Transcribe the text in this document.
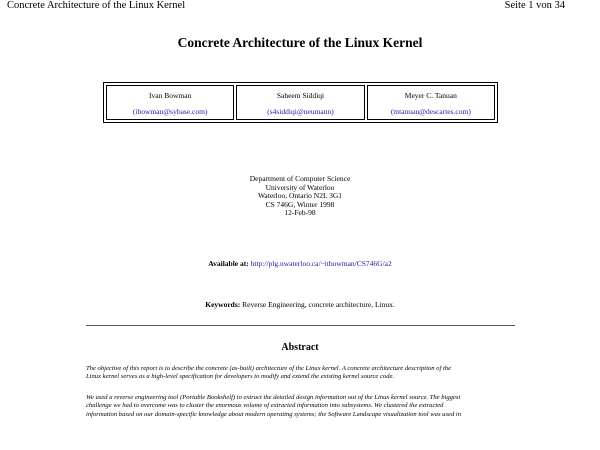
Concrete Architecture of the Linux Kernel	Seite 1 von 34
Concrete Architecture of the Linux Kernel
Ivan Bowman
(ibowman@sybase.com)
Saheem Siddiqi
(s4siddiqi@neumann)
Meyer C. Tanuan
(mtanuan@descartes.com)
Department of Computer Science
University of Waterloo
Waterloo, Ontario N2L 3G1
CS 746G, Winter 1998
12-Feb-98
Available at: http://plg.uwaterloo.ca/~itbowman/CS746G/a2
Keywords: Reverse Engineering, concrete architecture, Linux.
Abstract

The objective of this report is to describe the concrete (as-built) architecture of the Linux kernel. A concrete architecture description of the
Linux kernel serves as a high-level specification for developers to modify and extend the existing kernel source code.

We used a reverse engineering tool (Portable Bookshelf) to extract the detailed design information out of the Linux kernel source. The biggest
challenge we had to overcome was to cluster the enormous volume of extracted information into subsystems. We clustered the extracted
information based on our domain-specific knowledge about modern operating systems; the Software Landscape visualization tool was used in
